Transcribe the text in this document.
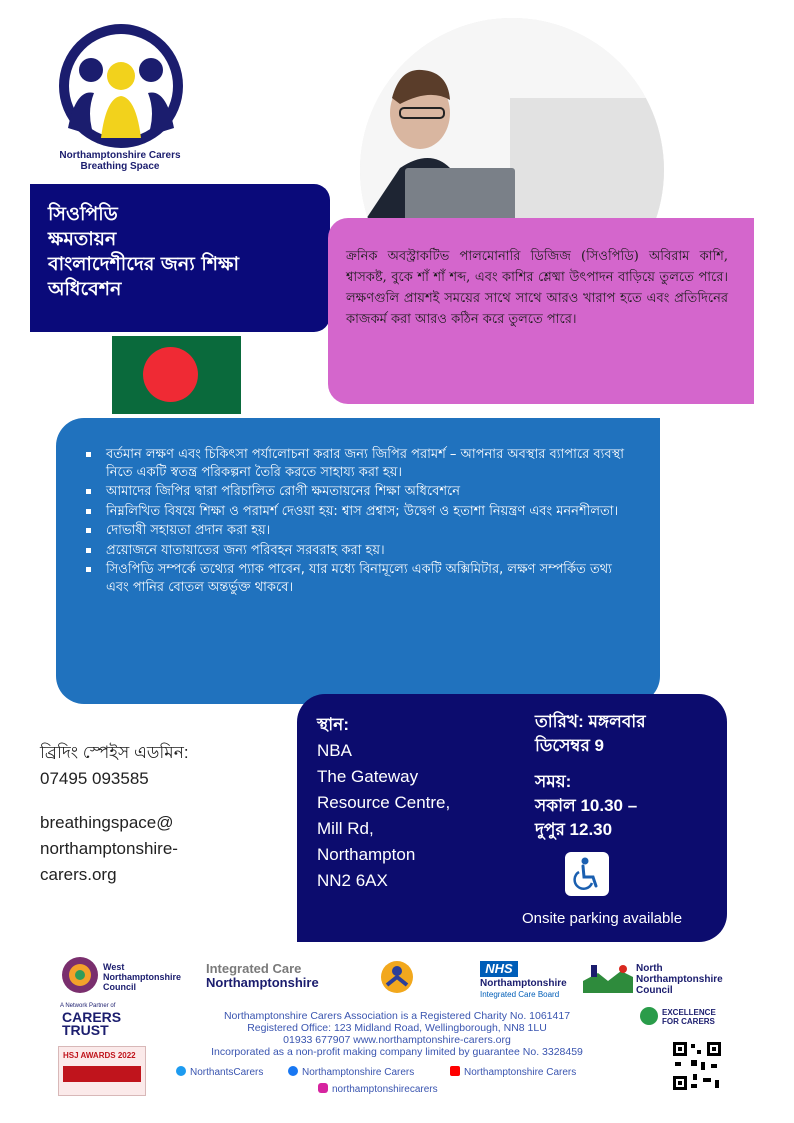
Northamptonshire Carers
Breathing Space
সিওপিডি
ক্ষমতায়ন
বাংলাদেশীদের জন্য শিক্ষা
অধিবেশন
ক্রনিক অবস্ট্রাকটিভ পালমোনারি ডিজিজ (সিওপিডি) অবিরাম কাশি, শ্বাসকষ্ট, বুকে শাঁ শাঁ শব্দ, এবং কাশির শ্লেষ্মা উৎপাদন বাড়িয়ে তুলতে পারে। লক্ষণগুলি প্রায়শই সময়ের সাথে সাথে আরও খারাপ হতে এবং প্রতিদিনের কাজকর্ম করা আরও কঠিন করে তুলতে পারে।
বর্তমান লক্ষণ এবং চিকিৎসা পর্যালোচনা করার জন্য জিপির পরামর্শ – আপনার অবস্থার ব্যাপারে ব্যবস্থা নিতে একটি স্বতন্ত্র পরিকল্পনা তৈরি করতে সাহায্য করা হয়।
আমাদের জিপির দ্বারা পরিচালিত রোগী ক্ষমতায়নের শিক্ষা অধিবেশনে
নিম্নলিখিত বিষয়ে শিক্ষা ও পরামর্শ দেওয়া হয়: শ্বাস প্রশ্বাস; উদ্বেগ ও হতাশা নিয়ন্ত্রণ এবং মননশীলতা।
দোভাষী সহায়তা প্রদান করা হয়।
প্রয়োজনে যাতায়াতের জন্য পরিবহন সরবরাহ করা হয়।
সিওপিডি সম্পর্কে তথ্যের প্যাক পাবেন, যার মধ্যে বিনামূল্যে একটি অক্সিমিটার, লক্ষণ সম্পর্কিত তথ্য এবং পানির বোতল অন্তর্ভুক্ত থাকবে।
ব্রিদিং স্পেইস এডমিন:
07495 093585
breathingspace@
northamptonshire-
carers.org
স্থান:
NBA
The Gateway
Resource Centre,
Mill Rd,
Northampton
NN2 6AX
তারিখ: মঙ্গলবার
ডিসেম্বর 9
সময়:
সকাল 10.30 –
দুপুর 12.30
Onsite parking available
West
Northamptonshire
Council
Integrated Care
Northamptonshire
NHS
Northamptonshire
Integrated Care Board
North
Northamptonshire
Council
A Network Partner of
CARERS
TRUST
HSJ AWARDS 2022
EXCELLENCE
FOR CARERS
Northamptonshire Carers Association is a Registered Charity No. 1061417
Registered Office: 123 Midland Road, Wellingborough, NN8 1LU
01933 677907 www.northamptonshire-carers.org
Incorporated as a non-profit making company limited by guarantee No. 3328459
NorthantsCarers	Northamptonshire Carers	Northamptonshire Carers
northamptonshirecarers
